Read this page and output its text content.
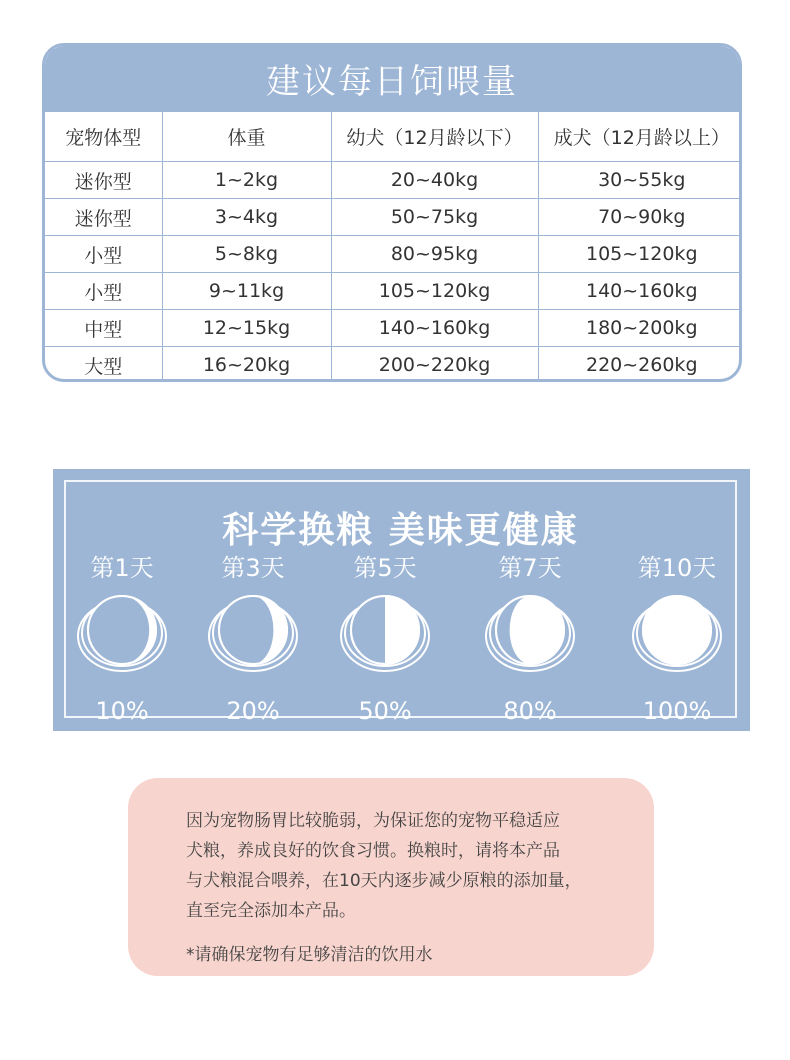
建议每日饲喂量
宠物体型	体重	幼犬（12月龄以下）	成犬（12月龄以上）
迷你型	1~2kg	20~40kg	30~55kg
迷你型	3~4kg	50~75kg	70~90kg
小型	5~8kg	80~95kg	105~120kg
小型	9~11kg	105~120kg	140~160kg
中型	12~15kg	140~160kg	180~200kg
大型	16~20kg	200~220kg	220~260kg
科学换粮 美味更健康
第1天
10%
第3天
20%
第5天
50%
第7天
80%
第10天
100%
因为宠物肠胃比较脆弱，为保证您的宠物平稳适应
犬粮，养成良好的饮食习惯。换粮时，请将本产品
与犬粮混合喂养，在10天内逐步减少原粮的添加量，
直至完全添加本产品。
*请确保宠物有足够清洁的饮用水
